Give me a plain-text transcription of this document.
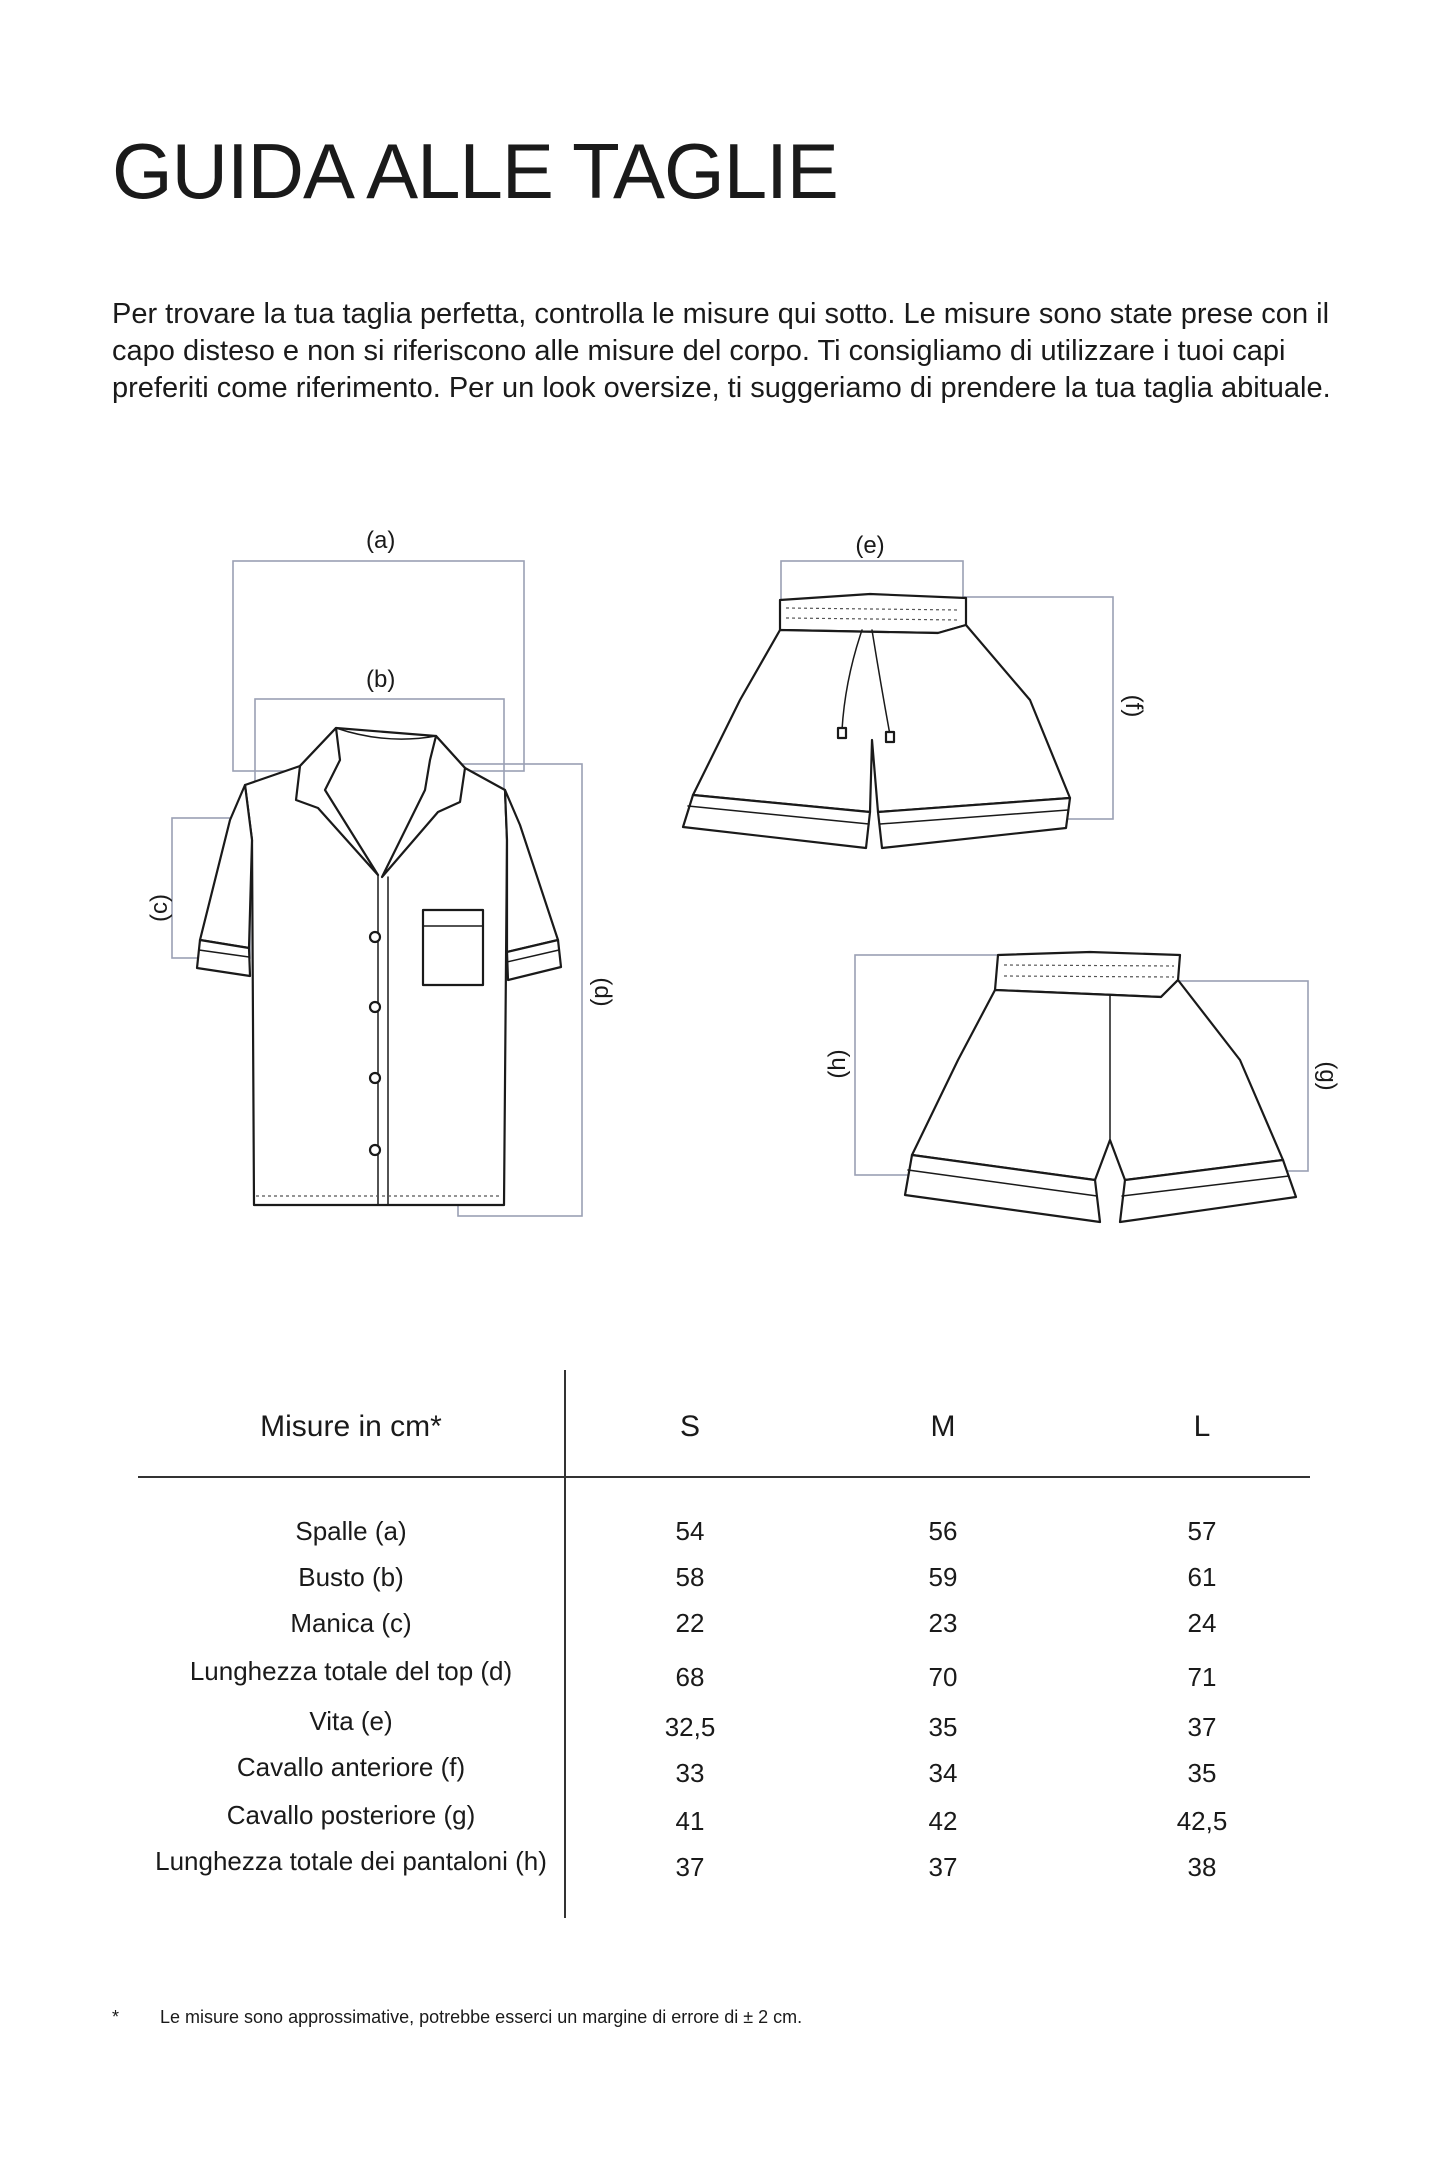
GUIDA ALLE TAGLIE

Per trovare la tua taglia perfetta, controlla le misure qui sotto. Le misure sono state prese con il capo disteso e non si riferiscono alle misure del corpo. Ti consigliamo di utilizzare i tuoi capi preferiti come riferimento. Per un look oversize, ti suggeriamo di prendere la tua taglia abituale.

(a)
(b)
(c)
(d)
(e)
(f)
(g)
(h)
Misure in cm*	S	M	L
Spalle (a)	54	56	57
Busto (b)	58	59	61
Manica (c)	22	23	24
Lunghezza totale del top (d)	68	70	71
Vita (e)	32,5	35	37
Cavallo anteriore (f)	33	34	35
Cavallo posteriore (g)	41	42	42,5
Lunghezza totale dei pantaloni (h)	37	37	38
* Le misure sono approssimative, potrebbe esserci un margine di errore di ± 2 cm.
